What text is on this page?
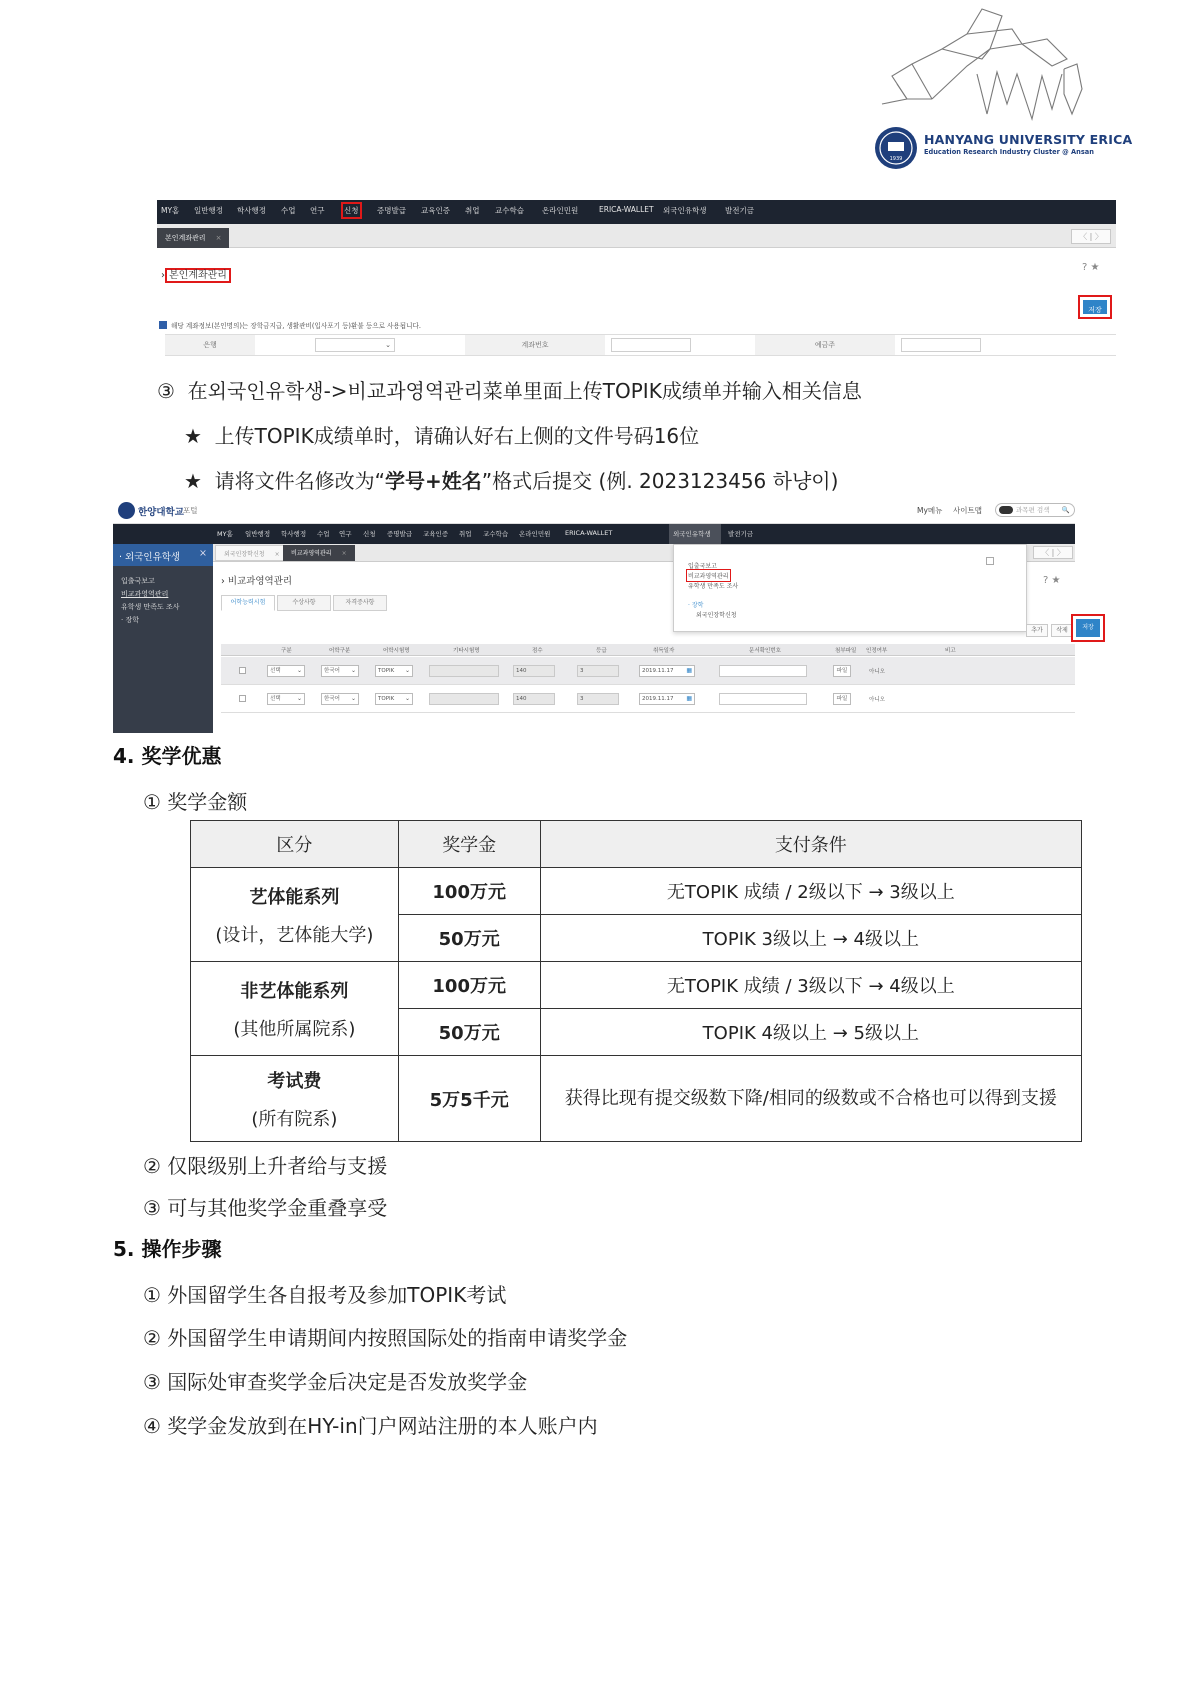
1939
HANYANG UNIVERSITY ERICA
Education Research Industry Cluster @ Ansan
MY홈 일반행정 학사행정 수업 연구	신청 증명발급 교육인증 취업 교수학습 온라인민원	ERICA-WALLET 외국인유학생 발전기금
본인계좌관리 ×	〈 | 〉
? ★
› 본인계좌관리
저장
해당 계좌정보(본인명의)는 장학금지급, 생활관비(입사포기 등)환불 등으로 사용됩니다.
은행	⌄	계좌번호	예금주
③ 在외국인유학생->비교과영역관리菜单里面上传TOPIK成绩单并输入相关信息
★ 上传TOPIK成绩单时，请确认好右上侧的文件号码16位
★ 请将文件名修改为“学号+姓名”格式后提交 (例. 2023123456 하냥이)
한양대학교 포털	My메뉴 사이트맵	과목편 검색 🔍
MY홈 일반행정 학사행정 수업 연구 신청 증명발급 교육인증 취업 교수학습 온라인민원 ERICA-WALLET	외국인유학생	발전기금
· 외국인유학생 ×
입출국보고
비교과영역관리
유학생 만족도 조사
· 장학
외국인장학신청 ×	비교과영역관리 ×	〈 | 〉
› 비교과영역관리	? ★
어학능력시험	수상사항	자격증사항
입출국보고
비교과영역관리
유학생 만족도 조사
· 장학
외국인장학신청
추가	삭제	저장
구분	어학구분	어학시험명	기타시험명	점수	등급	취득일자	문서확인번호	첨부파일 인정여부	비고
선택	⌄	한국어 ⌄	TOPIK ⌄	140	3	2019.11.17 ▦	파일	아니오
선택	⌄	한국어 ⌄	TOPIK ⌄	140	3	2019.11.17 ▦	파일	아니오
4. 奖学优惠
① 奖学金额
区分	奖学金	支付条件

艺体能系列
(设计，艺体能大学)	100万元	无TOPIK 成绩 / 2级以下 → 3级以上
	50万元	TOPIK 3级以上 → 4级以上

非艺体能系列
(其他所属院系)	100万元	无TOPIK 成绩 / 3级以下 → 4级以上
	50万元	TOPIK 4级以上 → 5级以上

考试费
(所有院系)	5万5千元	获得比现有提交级数下降/相同的级数或不合格也可以得到支援
② 仅限级别上升者给与支援
③ 可与其他奖学金重叠享受
5. 操作步骤
① 外国留学生各自报考及参加TOPIK考试
② 外国留学生申请期间内按照国际处的指南申请奖学金
③ 国际处审查奖学金后决定是否发放奖学金
④ 奖学金发放到在HY-in门户网站注册的本人账户内
